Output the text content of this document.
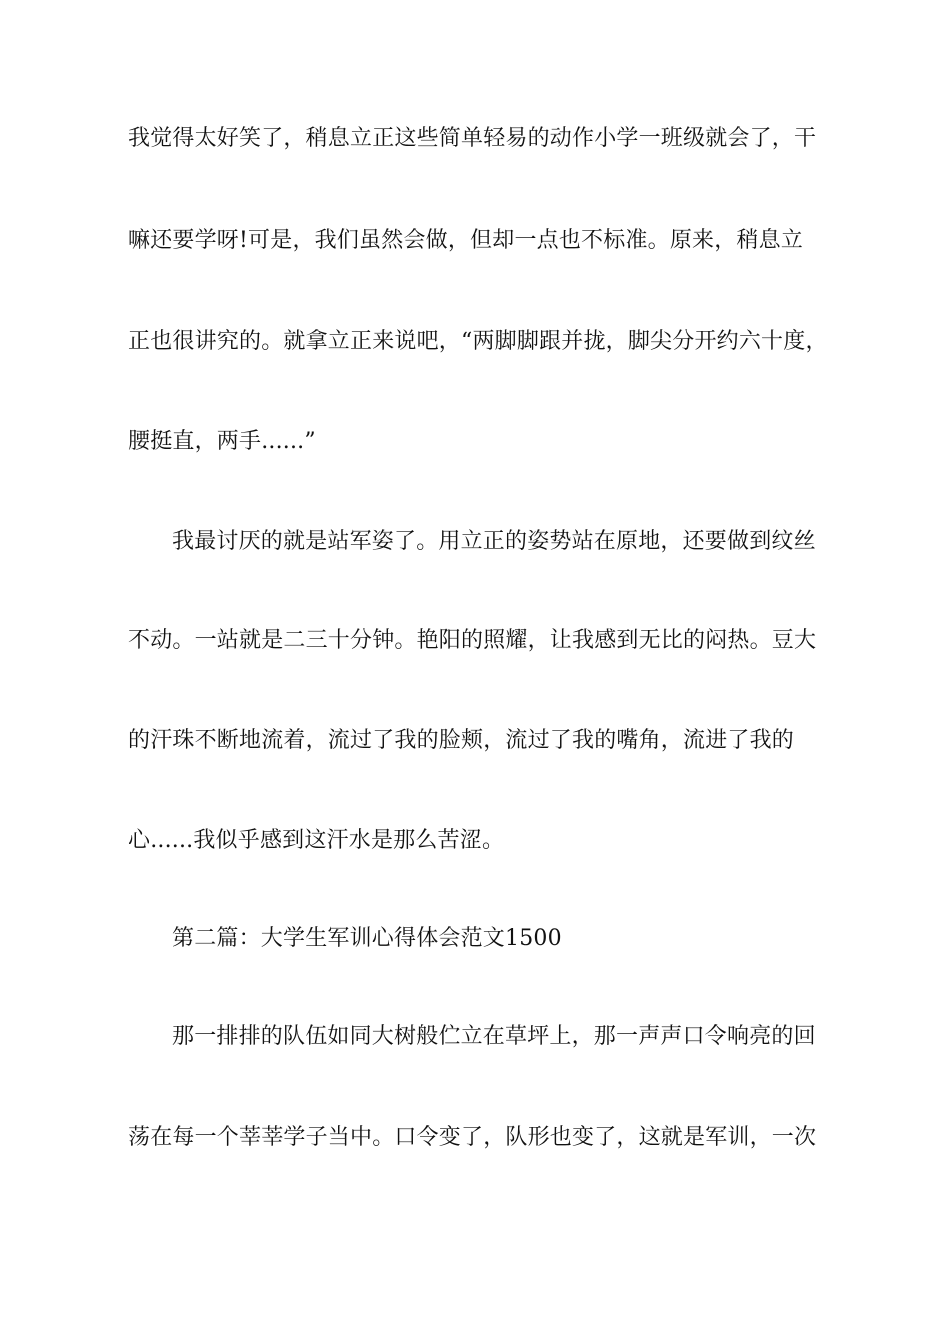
我觉得太好笑了，稍息立正这些简单轻易的动作小学一班级就会了，干
嘛还要学呀!可是，我们虽然会做，但却一点也不标准。原来，稍息立
正也很讲究的。就拿立正来说吧，“两脚脚跟并拢，脚尖分开约六十度，
腰挺直，两手......”
我最讨厌的就是站军姿了。用立正的姿势站在原地，还要做到纹丝
不动。一站就是二三十分钟。艳阳的照耀，让我感到无比的闷热。豆大
的汗珠不断地流着，流过了我的脸颊，流过了我的嘴角，流进了我的
心......我似乎感到这汗水是那么苦涩。
第二篇：大学生军训心得体会范文1500
那一排排的队伍如同大树般伫立在草坪上，那一声声口令响亮的回
荡在每一个莘莘学子当中。口令变了，队形也变了，这就是军训，一次
